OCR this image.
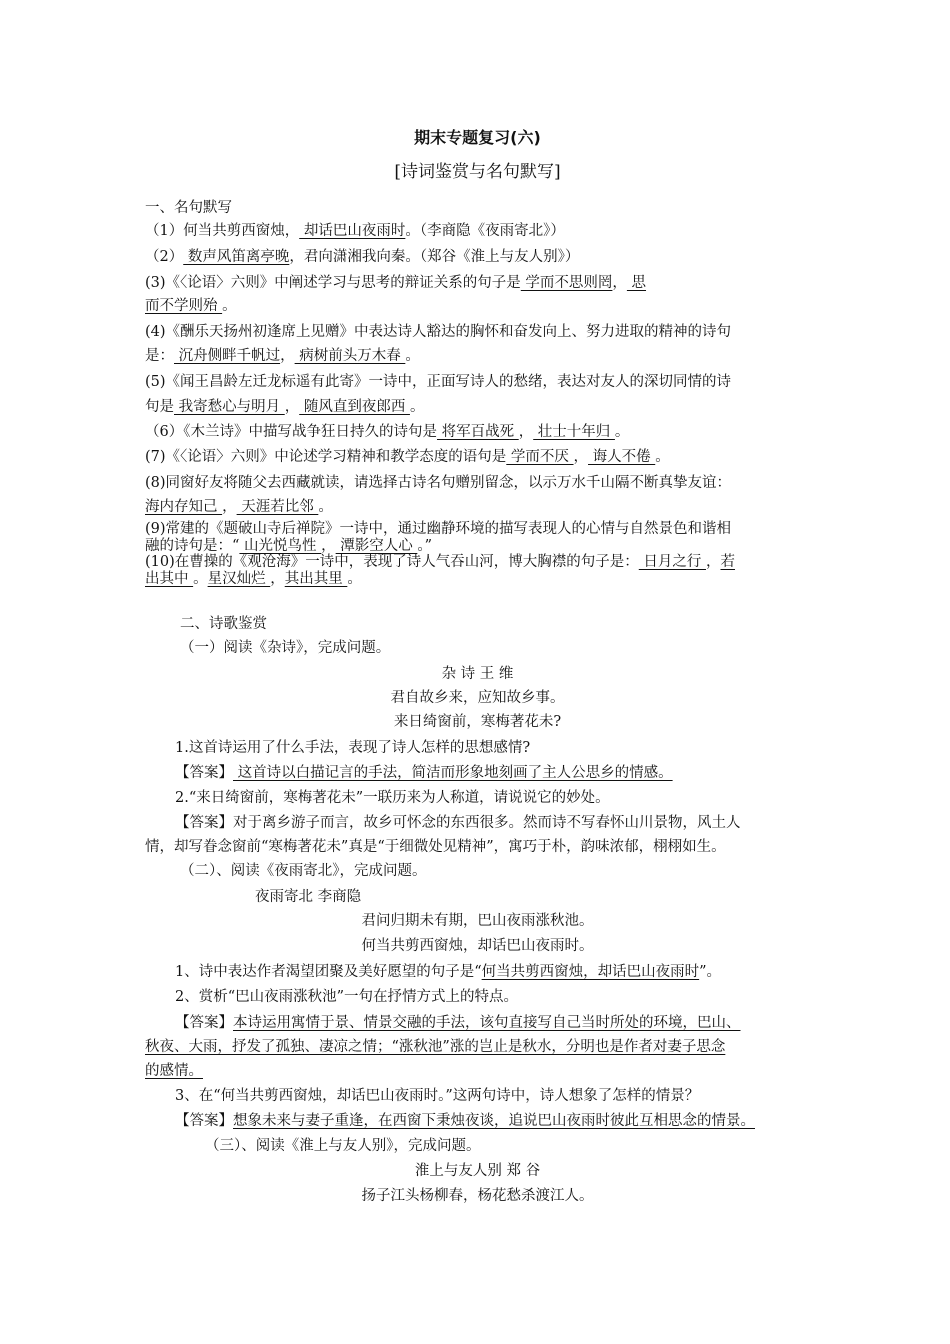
期末专题复习(六)
[诗词鉴赏与名句默写]
一、名句默写
（1）何当共剪西窗烛， 却话巴山夜雨时。（李商隐《夜雨寄北》）
（2） 数声风笛离亭晚，君向潇湘我向秦。（郑谷《淮上与友人别》）
(3)《〈论语〉六则》中阐述学习与思考的辩证关系的句子是 学而不思则罔， 思
而不学则殆 。
(4)《酬乐天扬州初逢席上见赠》中表达诗人豁达的胸怀和奋发向上、努力进取的精神的诗句
是： 沉舟侧畔千帆过， 病树前头万木春 。
(5)《闻王昌龄左迁龙标遥有此寄》一诗中，正面写诗人的愁绪，表达对友人的深切同情的诗
句是 我寄愁心与明月 ， 随风直到夜郎西 。
（6）《木兰诗》中描写战争狂日持久的诗句是 将军百战死 ， 壮士十年归 。
(7)《〈论语〉六则》中论述学习精神和教学态度的语句是 学而不厌 ， 诲人不倦 。
(8)同窗好友将随父去西藏就读，请选择古诗名句赠别留念，以示万水千山隔不断真挚友谊：
海内存知己 ， 天涯若比邻 。
(9)常建的《题破山寺后禅院》一诗中，通过幽静环境的描写表现人的心情与自然景色和谐相
融的诗句是：“ 山光悦鸟性 ， 潭影空人心 。”
(10)在曹操的《观沧海》一诗中，表现了诗人气吞山河，博大胸襟的句子是： 日月之行 ，若
出其中 。星汉灿烂 ，其出其里 。
二、诗歌鉴赏
（一）阅读《杂诗》，完成问题。
杂 诗 王 维
君自故乡来，应知故乡事。
来日绮窗前，寒梅著花未?
1.这首诗运用了什么手法，表现了诗人怎样的思想感情?
【答案】 这首诗以白描记言的手法，简洁而形象地刻画了主人公思乡的情感。
2.“来日绮窗前，寒梅著花未”一联历来为人称道，请说说它的妙处。
【答案】对于离乡游子而言，故乡可怀念的东西很多。然而诗不写春怀山川景物，风土人
情，却写眷念窗前“寒梅著花未”真是“于细微处见精神”，寓巧于朴，韵味浓郁，栩栩如生。
（二）、阅读《夜雨寄北》，完成问题。
夜雨寄北 李商隐
君问归期未有期，巴山夜雨涨秋池。
何当共剪西窗烛，却话巴山夜雨时。
1、诗中表达作者渴望团聚及美好愿望的句子是“何当共剪西窗烛，却话巴山夜雨时”。
2、赏析“巴山夜雨涨秋池”一句在抒情方式上的特点。
【答案】本诗运用寓情于景、情景交融的手法，该句直接写自己当时所处的环境，巴山、
秋夜、大雨，抒发了孤独、凄凉之情；“涨秋池”涨的岂止是秋水，分明也是作者对妻子思念
的感情。
3、在“何当共剪西窗烛，却话巴山夜雨时。”这两句诗中，诗人想象了怎样的情景？
【答案】想象未来与妻子重逢，在西窗下秉烛夜谈，追说巴山夜雨时彼此互相思念的情景。
（三）、阅读《淮上与友人别》，完成问题。
淮上与友人别 郑 谷
扬子江头杨柳春，杨花愁杀渡江人。
